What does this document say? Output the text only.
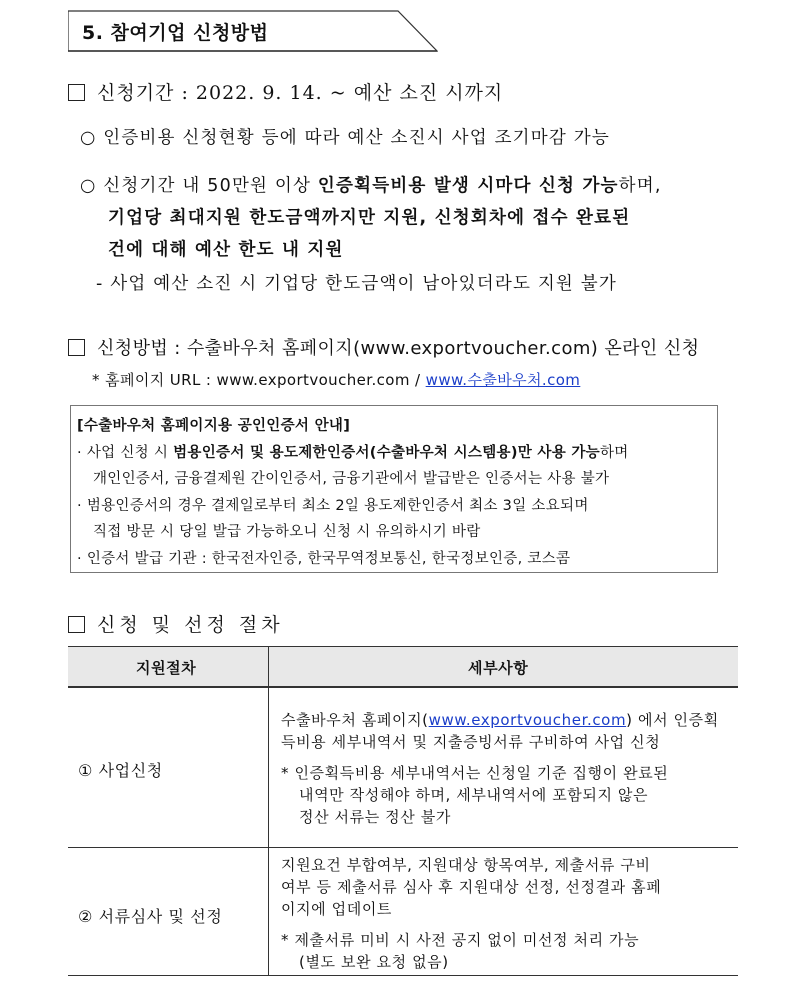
5. 참여기업 신청방법
신청기간 : 2022. 9. 14. ~ 예산 소진 시까지
○ 인증비용 신청현황 등에 따라 예산 소진시 사업 조기마감 가능
○ 신청기간 내 50만원 이상 인증획득비용 발생 시마다 신청 가능하며,
기업당 최대지원 한도금액까지만 지원, 신청회차에 접수 완료된
건에 대해 예산 한도 내 지원
- 사업 예산 소진 시 기업당 한도금액이 남아있더라도 지원 불가
신청방법 : 수출바우처 홈페이지(www.exportvoucher.com) 온라인 신청
* 홈페이지 URL : www.exportvoucher.com / www.수출바우처.com
[수출바우처 홈페이지용 공인인증서 안내]
· 사업 신청 시 범용인증서 및 용도제한인증서(수출바우처 시스템용)만 사용 가능하며
개인인증서, 금융결제원 간이인증서, 금융기관에서 발급받은 인증서는 사용 불가
· 범용인증서의 경우 결제일로부터 최소 2일 용도제한인증서 최소 3일 소요되며
직접 방문 시 당일 발급 가능하오니 신청 시 유의하시기 바람
· 인증서 발급 기관 : 한국전자인증, 한국무역정보통신, 한국정보인증, 코스콤
신청 및 선정 절차
지원절차	세부사항
① 사업신청
수출바우처 홈페이지(www.exportvoucher.com) 에서 인증획
득비용 세부내역서 및 지출증빙서류 구비하여 사업 신청
* 인증획득비용 세부내역서는 신청일 기준 집행이 완료된
내역만 작성해야 하며, 세부내역서에 포함되지 않은
정산 서류는 정산 불가
② 서류심사 및 선정
지원요건 부합여부, 지원대상 항목여부, 제출서류 구비
여부 등 제출서류 심사 후 지원대상 선정, 선정결과 홈페
이지에 업데이트
* 제출서류 미비 시 사전 공지 없이 미선정 처리 가능
(별도 보완 요청 없음)
